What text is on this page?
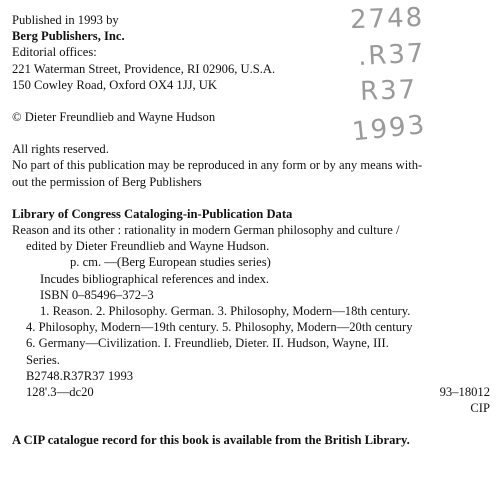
2748
.R37
R37
1993
Published in 1993 by
Berg Publishers, Inc.
Editorial offices:
221 Waterman Street, Providence, RI 02906, U.S.A.
150 Cowley Road, Oxford OX4 1JJ, UK
© Dieter Freundlieb and Wayne Hudson
All rights reserved.
No part of this publication may be reproduced in any form or by any means with-
out the permission of Berg Publishers
Library of Congress Cataloging-in-Publication Data
Reason and its other : rationality in modern German philosophy and culture /
edited by Dieter Freundlieb and Wayne Hudson.
p. cm. —(Berg European studies series)
Incudes bibliographical references and index.
ISBN 0–85496–372–3
1. Reason. 2. Philosophy. German. 3. Philosophy, Modern—18th century.
4. Philosophy, Modern—19th century. 5. Philosophy, Modern—20th century
6. Germany—Civilization. I. Freundlieb, Dieter. II. Hudson, Wayne, III.
Series.
B2748.R37R37 1993
128'.3—dc20	93–18012
CIP
A CIP catalogue record for this book is available from the British Library.
